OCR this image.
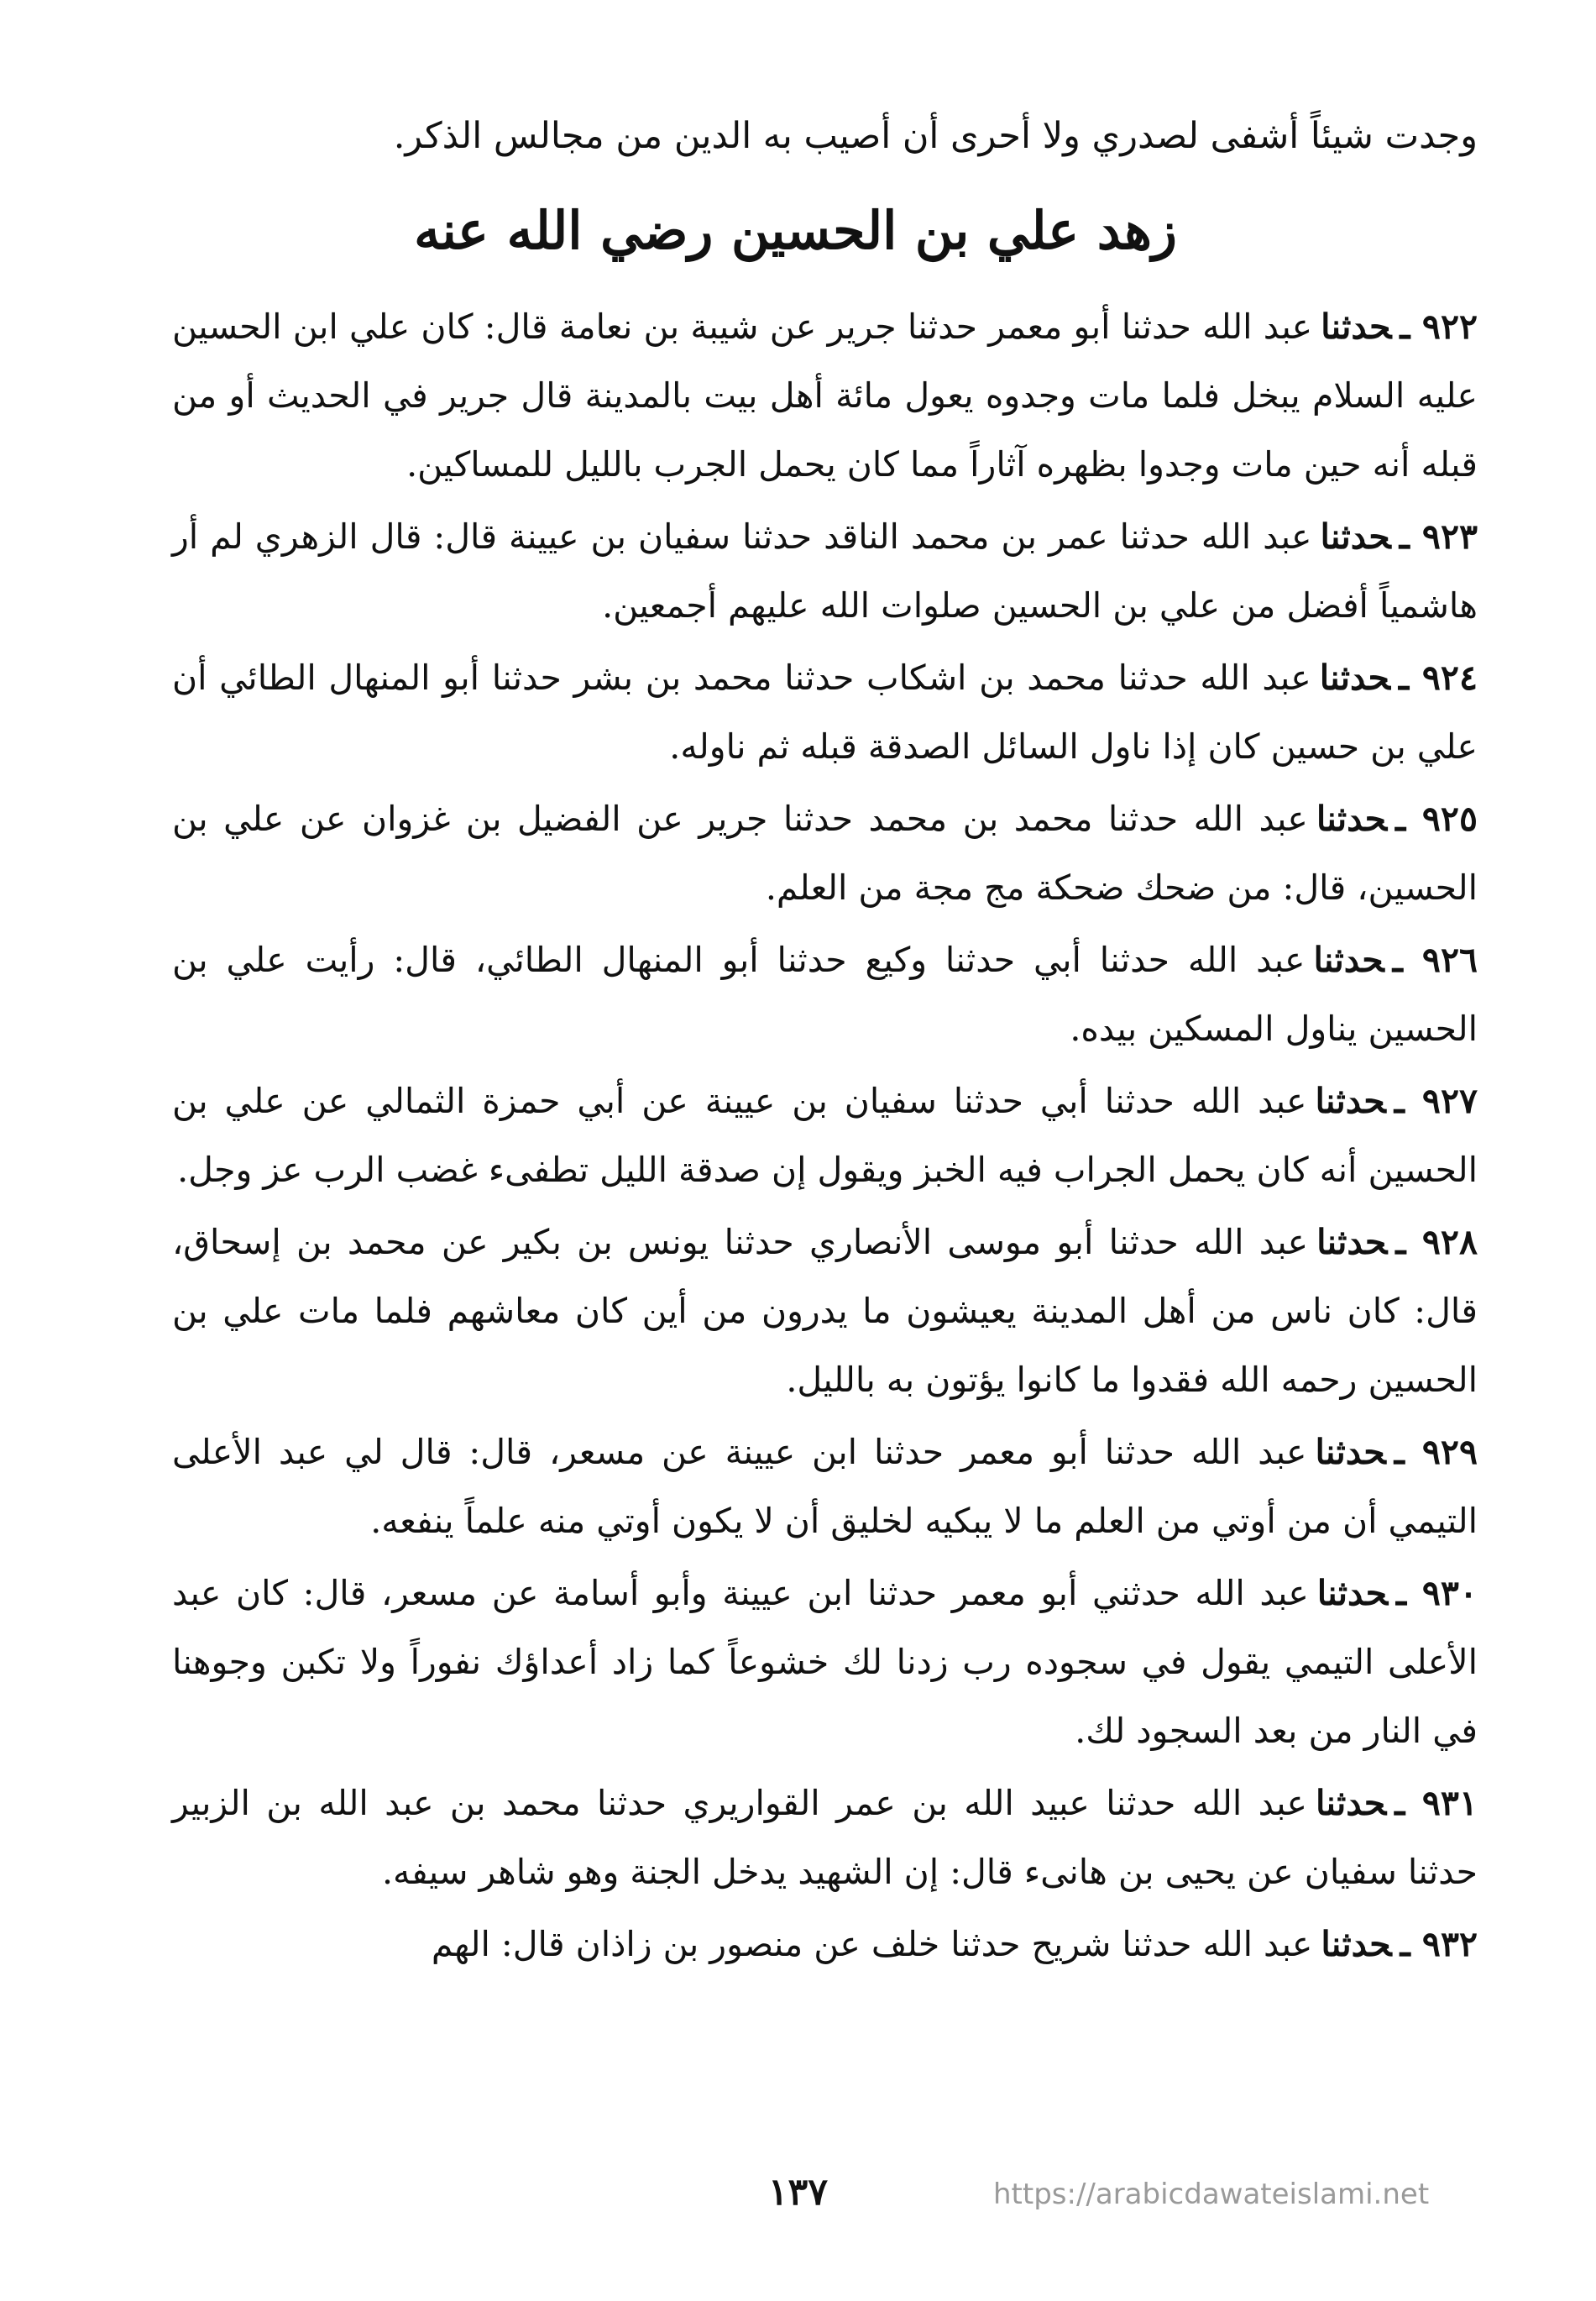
وجدت شيئاً أشفى لصدري ولا أحرى أن أصيب به الدين من مجالس الذكر.

زهد علي بن الحسين رضي الله عنه

٩٢٢ ـحدثناعبد الله حدثنا أبو معمر حدثنا جرير عن شيبة بن نعامة قال: كان علي ابن الحسين عليه السلام يبخل فلما مات وجدوه يعول مائة أهل بيت بالمدينة قال جرير في الحديث أو من قبله أنه حين مات وجدوا بظهره آثاراً مما كان يحمل الجرب بالليل للمساكين.

٩٢٣ ـحدثناعبد الله حدثنا عمر بن محمد الناقد حدثنا سفيان بن عيينة قال: قال الزهري لم أر هاشمياً أفضل من علي بن الحسين صلوات الله عليهم أجمعين.

٩٢٤ ـحدثناعبد الله حدثنا محمد بن اشكاب حدثنا محمد بن بشر حدثنا أبو المنهال الطائي أن علي بن حسين كان إذا ناول السائل الصدقة قبله ثم ناوله.

٩٢٥ ـحدثناعبد الله حدثنا محمد بن محمد حدثنا جرير عن الفضيل بن غزوان عن علي بن الحسين، قال: من ضحك ضحكة مج مجة من العلم.

٩٢٦ ـحدثناعبد الله حدثنا أبي حدثنا وكيع حدثنا أبو المنهال الطائي، قال: رأيت علي بن الحسين يناول المسكين بيده.

٩٢٧ ـحدثناعبد الله حدثنا أبي حدثنا سفيان بن عيينة عن أبي حمزة الثمالي عن علي بن الحسين أنه كان يحمل الجراب فيه الخبز ويقول إن صدقة الليل تطفىء غضب الرب عز وجل.

٩٢٨ ـحدثناعبد الله حدثنا أبو موسى الأنصاري حدثنا يونس بن بكير عن محمد بن إسحاق، قال: كان ناس من أهل المدينة يعيشون ما يدرون من أين كان معاشهم فلما مات علي بن الحسين رحمه الله فقدوا ما كانوا يؤتون به بالليل.

٩٢٩ ـحدثناعبد الله حدثنا أبو معمر حدثنا ابن عيينة عن مسعر، قال: قال لي عبد الأعلى التيمي أن من أوتي من العلم ما لا يبكيه لخليق أن لا يكون أوتي منه علماً ينفعه.

٩٣٠ ـحدثناعبد الله حدثني أبو معمر حدثنا ابن عيينة وأبو أسامة عن مسعر، قال: كان عبد الأعلى التيمي يقول في سجوده رب زدنا لك خشوعاً كما زاد أعداؤك نفوراً ولا تكبن وجوهنا في النار من بعد السجود لك.

٩٣١ ـحدثناعبد الله حدثنا عبيد الله بن عمر القواريري حدثنا محمد بن عبد الله بن الزبير حدثنا سفيان عن يحيى بن هانىء قال: إن الشهيد يدخل الجنة وهو شاهر سيفه.

٩٣٢ ـحدثناعبد الله حدثنا شريح حدثنا خلف عن منصور بن زاذان قال: الهم

١٣٧	https://arabicdawateislami.net
